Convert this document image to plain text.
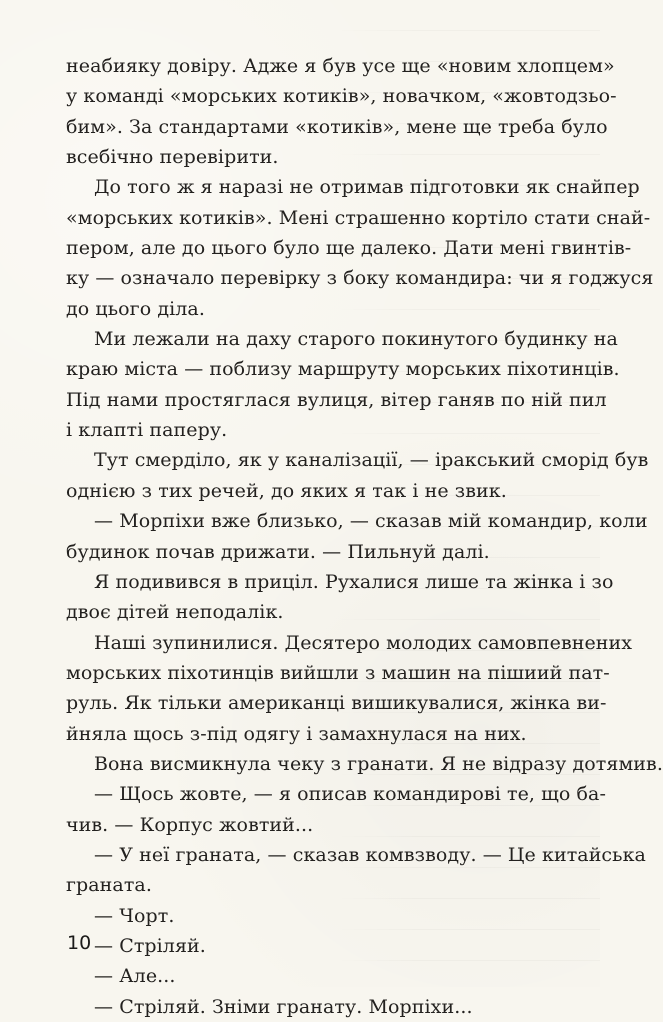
неабияку довіру. Адже я був усе ще «новим хлопцем»
у команді «морських котиків», новачком, «жовтодзьо-
бим». За стандартами «котиків», мене ще треба було
всебічно перевірити.
До того ж я наразі не отримав підготовки як снайпер
«морських котиків». Мені страшенно кортіло стати снай-
пером, але до цього було ще далеко. Дати мені гвинтів-
ку — означало перевірку з боку командира: чи я годжуся
до цього діла.
Ми лежали на даху старого покинутого будинку на
краю міста — поблизу маршруту морських піхотинців.
Під нами простяглася вулиця, вітер ганяв по ній пил
і клапті паперу.
Тут смерділо, як у каналізації, — іракський сморід був
однією з тих речей, до яких я так і не звик.
— Морпіхи вже близько, — сказав мій командир, коли
будинок почав дрижати. — Пильнуй далі.
Я подивився в приціл. Рухалися лише та жінка і зо
двоє дітей неподалік.
Наші зупинилися. Десятеро молодих самовпевнених
морських піхотинців вийшли з машин на пішиий пат-
руль. Як тільки американці вишикувалися, жінка ви-
йняла щось з-під одягу і замахнулася на них.
Вона висмикнула чеку з гранати. Я не відразу дотямив.
— Щось жовте, — я описав командирові те, що ба-
чив. — Корпус жовтий...
— У неї граната, — сказав комвзводу. — Це китайська
граната.
— Чорт.
— Стріляй.
— Але...
— Стріляй. Зніми гранату. Морпіхи...
10
